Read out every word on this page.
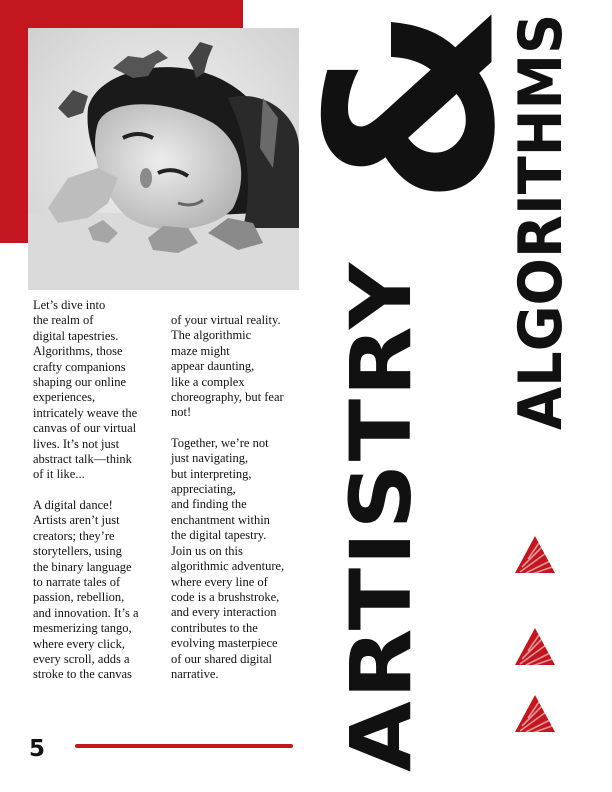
Let’s dive into
the realm of
digital tapestries.
Algorithms, those
crafty companions
shaping our online
experiences,
intricately weave the
canvas of our virtual
lives. It’s not just
abstract talk—think
of it like...
A digital dance!
Artists aren’t just
creators; they’re
storytellers, using
the binary language
to narrate tales of
passion, rebellion,
and innovation. It’s a
mesmerizing tango,
where every click,
every scroll, adds a
stroke to the canvas
of your virtual reality.
The algorithmic
maze might
appear daunting,
like a complex
choreography, but fear
not!
Together, we’re not
just navigating,
but interpreting,
appreciating,
and finding the
enchantment within
the digital tapestry.
Join us on this
algorithmic adventure,
where every line of
code is a brushstroke,
and every interaction
contributes to the
evolving masterpiece
of our shared digital
narrative.	ARTISTRY
&
ALGORITHMS
5
